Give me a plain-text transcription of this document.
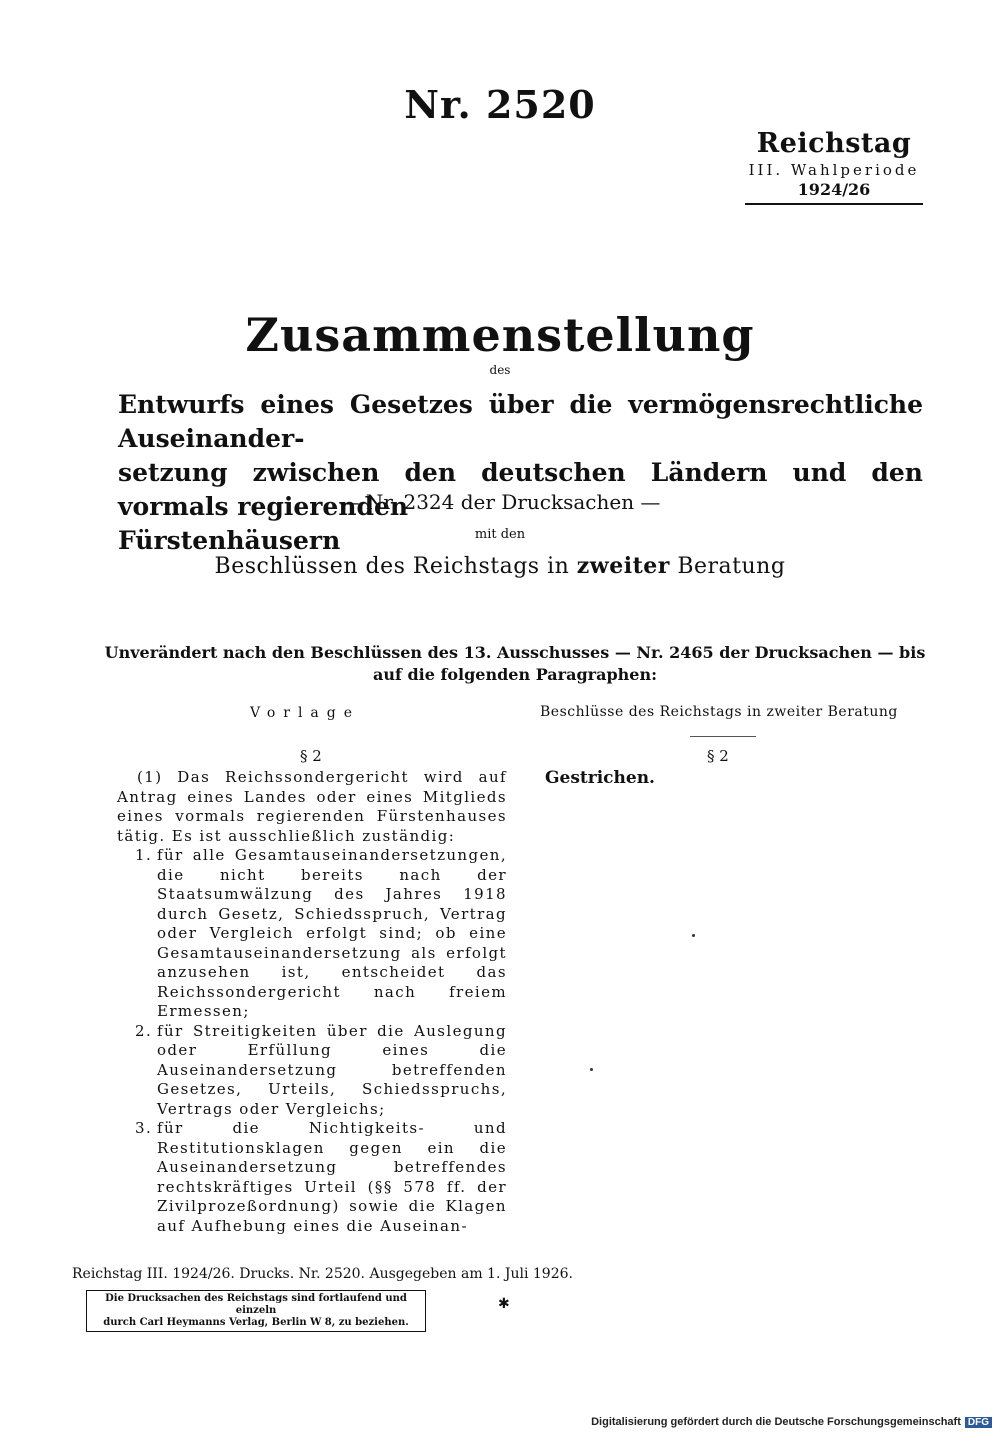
Nr. 2520
Reichstag
III. Wahlperiode
1924/26
Zusammenstellung
des
Entwurfs eines Gesetzes über die vermögensrechtliche Auseinander-
setzung zwischen den deutschen Ländern und den vormals regierenden
Fürstenhäusern
— Nr. 2324 der Drucksachen —
mit den
Beschlüssen des Reichstags in zweiter Beratung
Unverändert nach den Beschlüssen des 13. Ausschusses — Nr. 2465 der Drucksachen — bis auf die folgenden Paragraphen:
Vorlage	Beschlüsse des Reichstags in zweiter Beratung
§ 2	§ 2
Gestrichen.

(1) Das Reichssondergericht wird auf Antrag eines Landes oder eines Mitglieds eines vormals regierenden Fürstenhauses tätig. Es ist ausschließlich zuständig:

1. für alle Gesamtauseinandersetzungen, die nicht bereits nach der Staatsumwälzung des Jahres 1918 durch Gesetz, Schiedsspruch, Vertrag oder Vergleich erfolgt sind; ob eine Gesamtauseinandersetzung als erfolgt anzusehen ist, entscheidet das Reichssondergericht nach freiem Ermessen;
2. für Streitigkeiten über die Auslegung oder Erfüllung eines die Auseinandersetzung betreffenden Gesetzes, Urteils, Schiedsspruchs, Vertrags oder Vergleichs;
3. für die Nichtigkeits- und Restitutionsklagen gegen ein die Auseinandersetzung betreffendes rechtskräftiges Urteil (§§ 578 ff. der Zivilprozeßordnung) sowie die Klagen auf Aufhebung eines die Auseinan-
Reichstag III. 1924/26. Drucks. Nr. 2520. Ausgegeben am 1. Juli 1926.
Die Drucksachen des Reichstags sind fortlaufend und einzeln
durch Carl Heymanns Verlag, Berlin W 8, zu beziehen.
✱
Digitalisierung gefördert durch die Deutsche Forschungsgemeinschaft DFG
